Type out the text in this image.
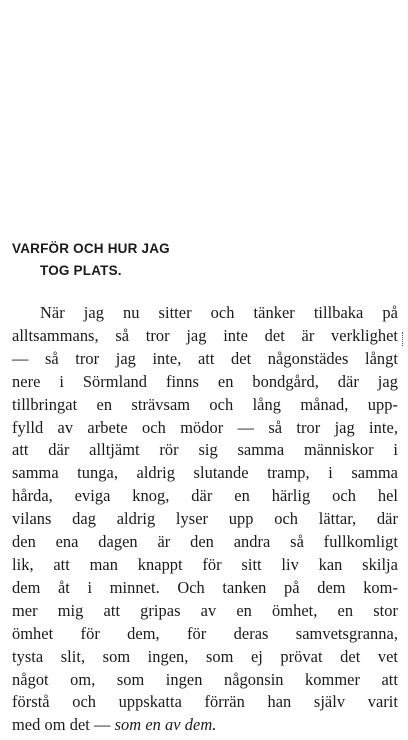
VARFÖR OCH HUR JAG
TOG PLATS.
När jag nu sitter och tänker tillbaka på
alltsammans, så tror jag inte det är verklighet
— så tror jag inte, att det någonstädes långt
nere i Sörmland finns en bondgård, där jag
tillbringat en strävsam och lång månad, upp-
fylld av arbete och mödor — så tror jag inte,
att där alltjämt rör sig samma människor i
samma tunga, aldrig slutande tramp, i samma
hårda, eviga knog, där en härlig och hel
vilans dag aldrig lyser upp och lättar, där
den ena dagen är den andra så fullkomligt
lik, att man knappt för sitt liv kan skilja
dem åt i minnet. Och tanken på dem kom-
mer mig att gripas av en ömhet, en stor
ömhet för dem, för deras samvetsgranna,
tysta slit, som ingen, som ej prövat det vet
något om, som ingen någonsin kommer att
förstå och uppskatta förrän han själv varit
med om det — som en av dem.
